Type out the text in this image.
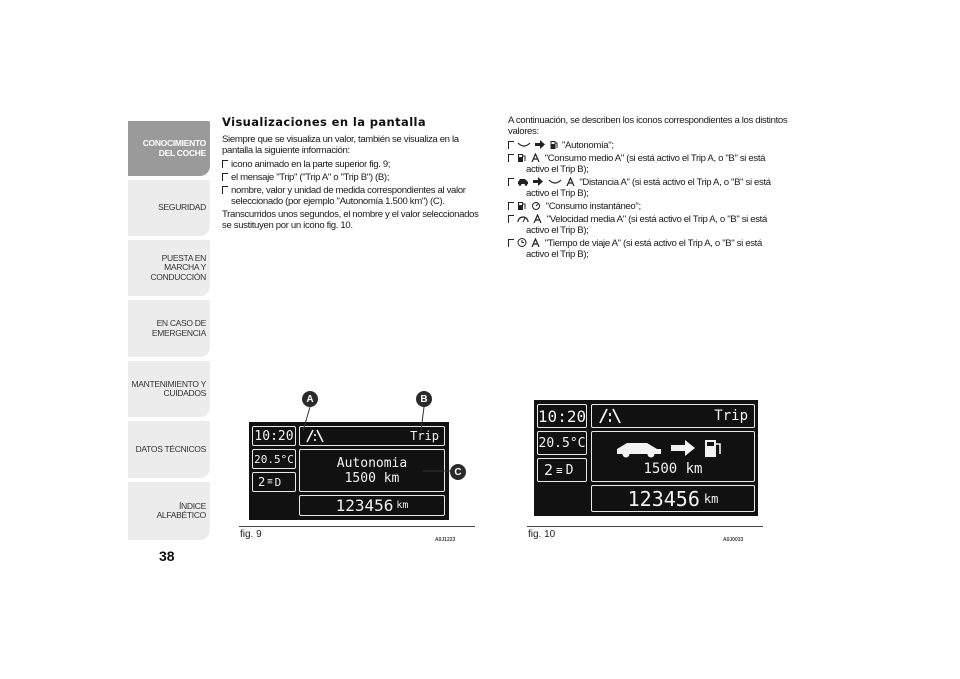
CONOCIMIENTO DEL COCHE
SEGURIDAD
PUESTA EN MARCHA Y CONDUCCIÓN
EN CASO DE EMERGENCIA
MANTENIMIENTO Y CUIDADOS
DATOS TÉCNICOS
ÍNDICE ALFABÉTICO
38
Visualizaciones en la pantalla

Siempre que se visualiza un valor, también se visualiza en la pantalla la siguiente información:

icono animado en la parte superior fig. 9;
el mensaje "Trip" ("Trip A" o "Trip B") (B);
nombre, valor y unidad de medida correspondientes al valor seleccionado (por ejemplo "Autonomía 1.500 km") (C).

Transcurridos unos segundos, el nombre y el valor seleccionados se sustituyen por un icono fig. 10.

A continuación, se describen los iconos correspondientes a los distintos valores:

"Autonomía";
"Consumo medio A" (si está activo el Trip A, o "B" si está
activo el Trip B);
"Distancia A" (si está activo el Trip A, o "B" si está
activo el Trip B);
"Consumo instantáneo";
"Velocidad media A" (si está activo el Trip A, o "B" si está
activo el Trip B);
"Tiempo de viaje A" (si está activo el Trip A, o "B" si está
activo el Trip B);
10:20
20.5°C
2 ≡ D
Trip
Autonomia
1500 km
123456 km
A	B
C
fig. 9	A0J1223
10:20
20.5°C
2 ≡ D
Trip
1500 km
123456 km
fig. 10	A0J0033
